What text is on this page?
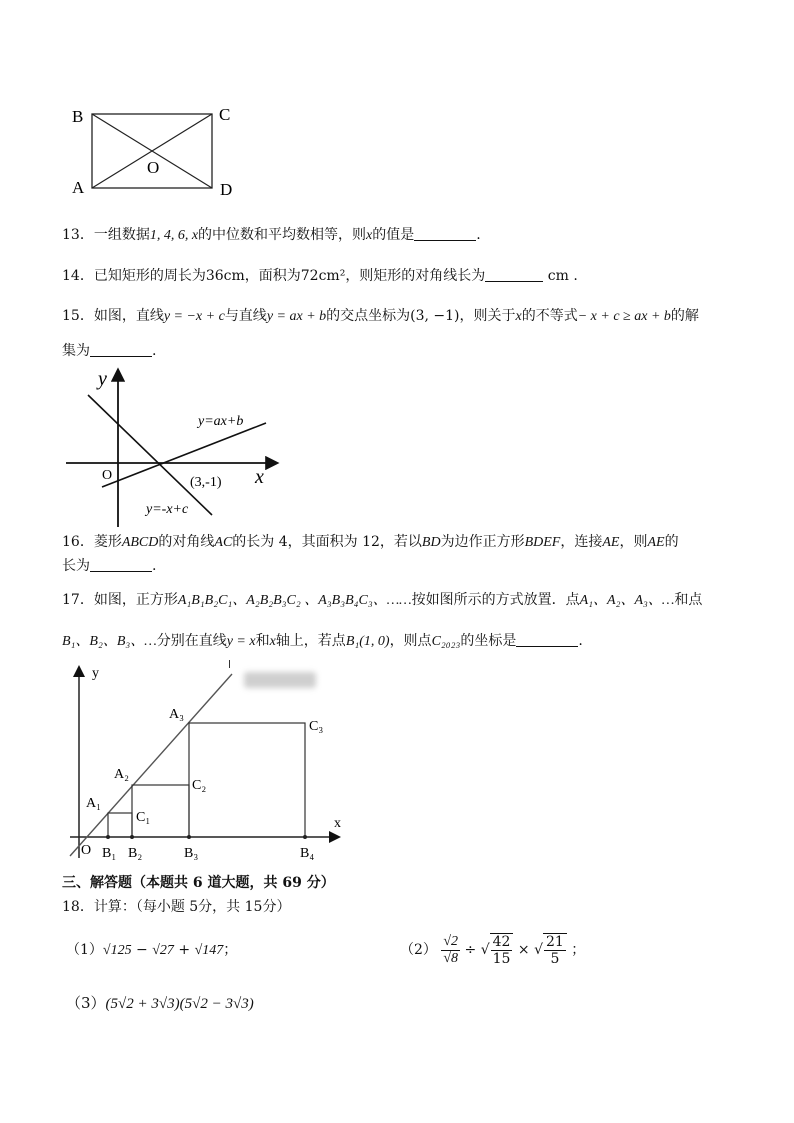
B	C
A	D
O
13．一组数据1, 4, 6, x的中位数和平均数相等，则x的值是	.
14．已知矩形的周长为36cm，面积为72cm²，则矩形的对角线长为	cm .
15．如图，直线y = −x + c与直线y = ax + b的交点坐标为(3, −1)，则关于x的不等式− x + c ≥ ax + b的解
集为	.
y
x
O
y=ax+b
y=-x+c
(3,-1)
16．菱形ABCD的对角线AC的长为 4，其面积为 12，若以BD为边作正方形BDEF，连接AE，则AE的
长为	.
17．如图，正方形A₁B₁B₂C₁、A₂B₂B₃C₂ 、A₃B₃B₄C₃、……按如图所示的方式放置．点A₁、A₂、A₃、…和点
B₁、B₂、B₃、…分别在直线y = x和x轴上，若点B₁(1, 0)，则点C₂₀₂₃的坐标是	.
y
x
O
A₁
A₂
A₃
B₁ B₂	B₃	B₄
C₁
C₂
C₃
三、解答题（本题共 6 道大题，共 69 分）
18．计算：（每小题 5分，共 15分）
（1）√125 − √27 + √147；	$(2) \frac{√2}{√8}$ ÷ √ $\frac{42}{15}$ × √ $\frac{21}{5}$ ；
（3）(5√2 + 3√3)(5√2 − 3√3)
